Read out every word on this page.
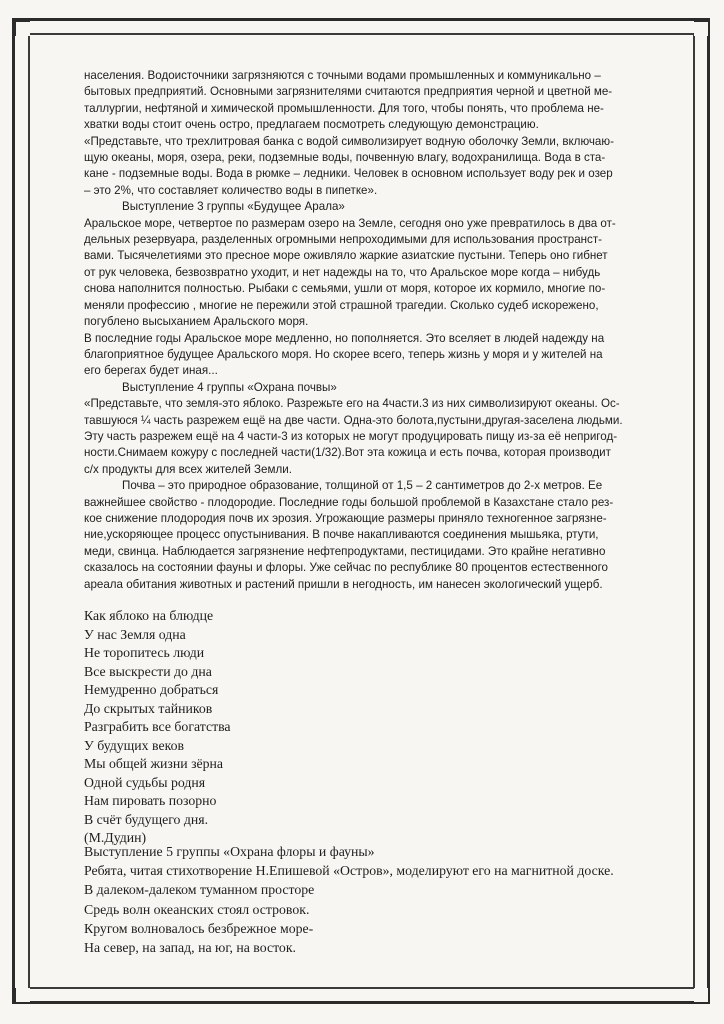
населения. Водоисточники загрязняются с точными водами промышленных и коммуникально –
бытовых предприятий. Основными загрязнителями считаются предприятия черной и цветной ме-
таллургии, нефтяной и химической промышленности. Для того, чтобы понять, что проблема не-
хватки воды стоит очень остро, предлагаем посмотреть следующую демонстрацию.
«Представьте, что трехлитровая банка с водой символизирует водную оболочку Земли, включаю-
щую океаны, моря, озера, реки, подземные воды, почвенную влагу, водохранилища. Вода в ста-
кане - подземные воды. Вода в рюмке – ледники. Человек в основном использует воду рек и озер
– это 2%, что составляет количество воды в пипетке».
Выступление 3 группы «Будущее Арала»
Аральское море, четвертое по размерам озеро на Земле, сегодня оно уже превратилось в два от-
дельных резервуара, разделенных огромными непроходимыми для использования пространст-
вами. Тысячелетиями это пресное море оживляло жаркие азиатские пустыни. Теперь оно гибнет
от рук человека, безвозвратно уходит, и нет надежды на то, что Аральское море когда – нибудь
снова наполнится полностью. Рыбаки с семьями, ушли от моря, которое их кормило, многие по-
меняли профессию , многие не пережили этой страшной трагедии. Сколько судеб искорежено,
погублено высыханием Аральского моря.
В последние годы Аральское море медленно, но пополняется. Это вселяет в людей надежду на
благоприятное будущее Аральского моря. Но скорее всего, теперь жизнь у моря и у жителей на
его берегах будет иная...
Выступление 4 группы «Охрана почвы»
«Представьте, что земля-это яблоко. Разрежьте его на 4части.3 из них символизируют океаны. Ос-
тавшуюся ¼ часть разрежем ещё на две части. Одна-это болота,пустыни,другая-заселена людьми.
Эту часть разрежем ещё на 4 части-3 из которых не могут продуцировать пищу из-за её непригод-
ности.Снимаем кожуру с последней части(1/32).Вот эта кожица и есть почва, которая производит
с/х продукты для всех жителей Земли.
Почва – это природное образование, толщиной от 1,5 – 2 сантиметров до 2-х метров. Ее
важнейшее свойство - плодородие. Последние годы большой проблемой в Казахстане стало рез-
кое снижение плодородия почв их эрозия. Угрожающие размеры приняло техногенное загрязне-
ние,ускоряющее процесс опустынивания. В почве накапливаются соединения мышьяка, ртути,
меди, свинца. Наблюдается загрязнение нефтепродуктами, пестицидами. Это крайне негативно
сказалось на состоянии фауны и флоры. Уже сейчас по республике 80 процентов естественного
ареала обитания животных и растений пришли в негодность, им нанесен экологический ущерб.
Как яблоко на блюдце
У нас Земля одна
Не торопитесь люди
Все выскрести до дна
Немудренно добраться
До скрытых тайников
Разграбить все богатства
У будущих веков
Мы общей жизни зёрна
Одной судьбы родня
Нам пировать позорно
В счёт будущего дня.
(М.Дудин)
Выступление 5 группы «Охрана флоры и фауны»
Ребята, читая стихотворение Н.Епишевой «Остров», моделируют его на магнитной доске.
В далеком-далеком туманном просторе
Средь волн океанских стоял островок.
Кругом волновалось безбрежное море-
На север, на запад, на юг, на восток.
